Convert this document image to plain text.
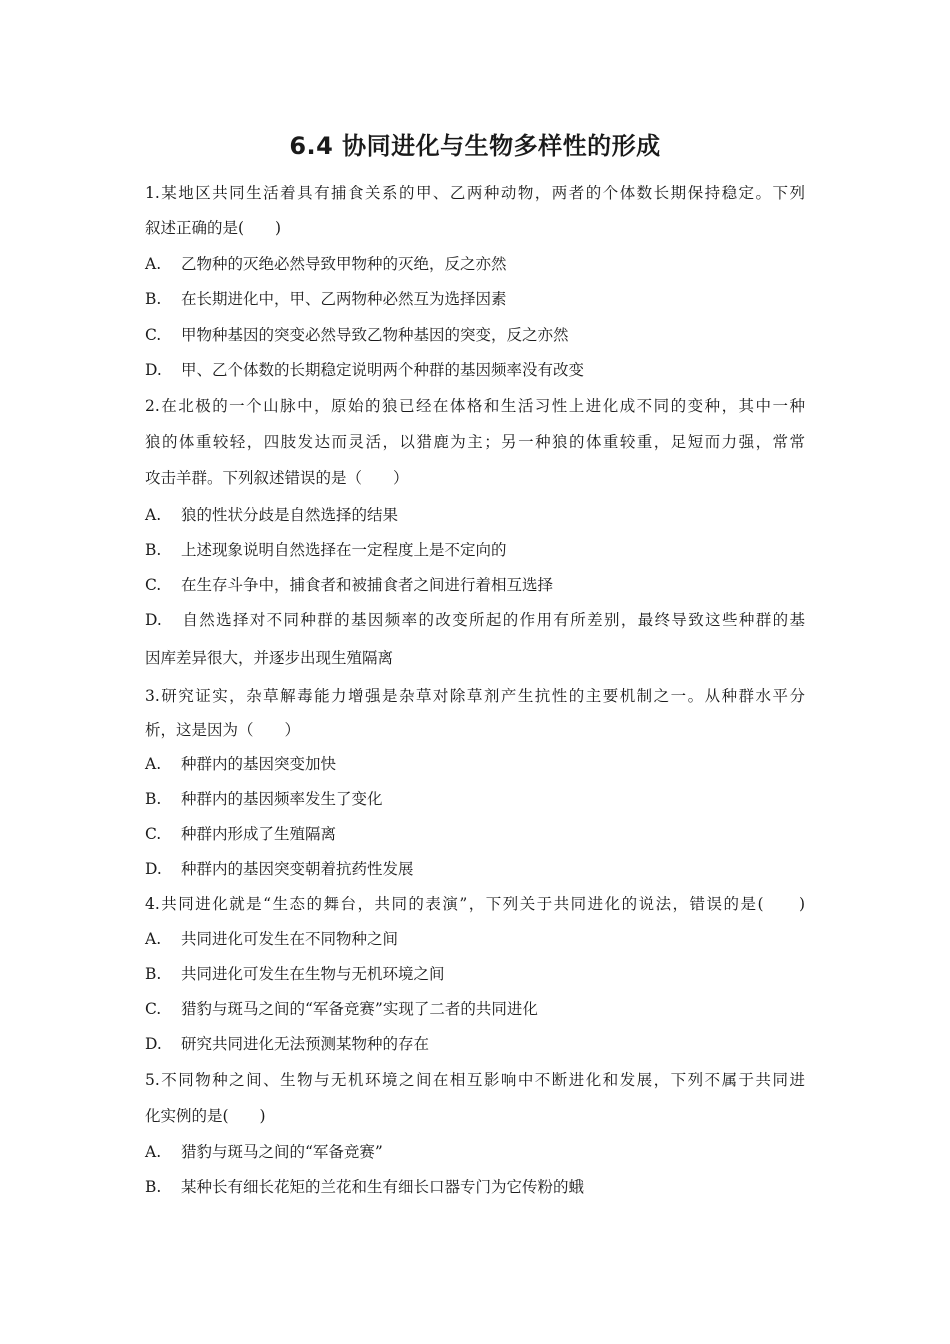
6.4 协同进化与生物多样性的形成
1.某地区共同生活着具有捕食关系的甲、乙两种动物，两者的个体数长期保持稳定。下列
叙述正确的是(　　)
A. 乙物种的灭绝必然导致甲物种的灭绝，反之亦然
B. 在长期进化中，甲、乙两物种必然互为选择因素
C. 甲物种基因的突变必然导致乙物种基因的突变，反之亦然
D. 甲、乙个体数的长期稳定说明两个种群的基因频率没有改变
2.在北极的一个山脉中，原始的狼已经在体格和生活习性上进化成不同的变种，其中一种
狼的体重较轻，四肢发达而灵活，以猎鹿为主；另一种狼的体重较重，足短而力强，常常
攻击羊群。下列叙述错误的是（　　）
A. 狼的性状分歧是自然选择的结果
B. 上述现象说明自然选择在一定程度上是不定向的
C. 在生存斗争中，捕食者和被捕食者之间进行着相互选择
D. 自然选择对不同种群的基因频率的改变所起的作用有所差别，最终导致这些种群的基
因库差异很大，并逐步出现生殖隔离
3.研究证实，杂草解毒能力增强是杂草对除草剂产生抗性的主要机制之一。从种群水平分
析，这是因为（　　）
A. 种群内的基因突变加快
B. 种群内的基因频率发生了变化
C. 种群内形成了生殖隔离
D. 种群内的基因突变朝着抗药性发展
4.共同进化就是“生态的舞台，共同的表演”，下列关于共同进化的说法，错误的是(　　)
A. 共同进化可发生在不同物种之间
B. 共同进化可发生在生物与无机环境之间
C. 猎豹与斑马之间的“军备竞赛”实现了二者的共同进化
D. 研究共同进化无法预测某物种的存在
5.不同物种之间、生物与无机环境之间在相互影响中不断进化和发展，下列不属于共同进
化实例的是(　　)
A. 猎豹与斑马之间的“军备竞赛”
B. 某种长有细长花矩的兰花和生有细长口器专门为它传粉的蛾
